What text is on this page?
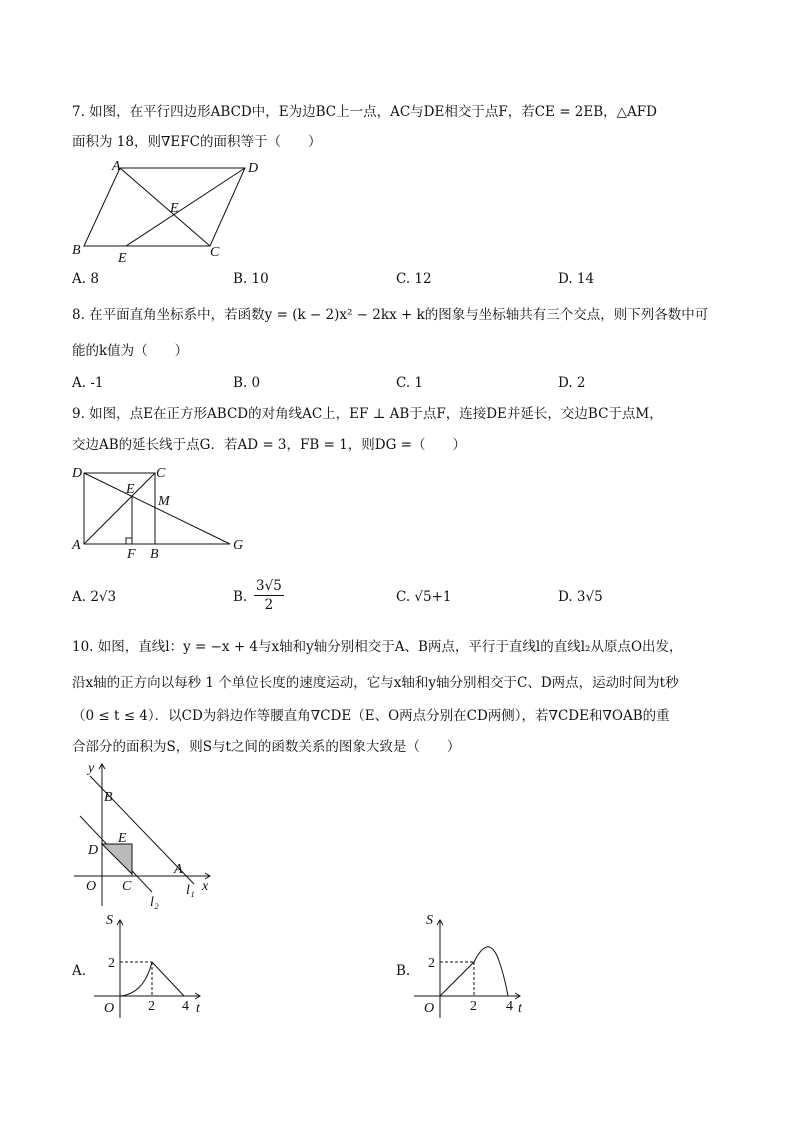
7. 如图，在平行四边形ABCD中，E为边BC上一点，AC与DE相交于点F，若CE = 2EB，△AFD
面积为 18，则∇EFC的面积等于（　　）
A	D
E
B	C
E
A. 8	B. 10	C. 12	D. 14
8. 在平面直角坐标系中，若函数y = (k − 2)x² − 2kx + k的图象与坐标轴共有三个交点，则下列各数中可
能的k值为（　　）
A. -1	B. 0	C. 1	D. 2
9. 如图，点E在正方形ABCD的对角线AC上，EF ⊥ AB于点F，连接DE并延长，交边BC于点M，
交边AB的延长线于点G．若AD = 3，FB = 1，则DG =（　　）
D	C
E
M
A
F B
G
A. 2√3	B. $\frac{3√5}{2}$	C. √5+1	D. 3√5
10. 如图，直线l：y = −x + 4与x轴和y轴分别相交于A、B两点，平行于直线l的直线l₂从原点O出发，
沿x轴的正方向以每秒 1 个单位长度的速度运动，它与x轴和y轴分别相交于C、D两点，运动时间为t秒
（0 ≤ t ≤ 4）．以CD为斜边作等腰直角∇CDE（E、O两点分别在CD两侧），若∇CDE和∇OAB的重
合部分的面积为S，则S与t之间的函数关系的图象大致是（　　）
y
B
E
D
A
O C	x
l₁
l₂
A.
S
2
O 2 4 t
B.
S
2
O	2 4 t
